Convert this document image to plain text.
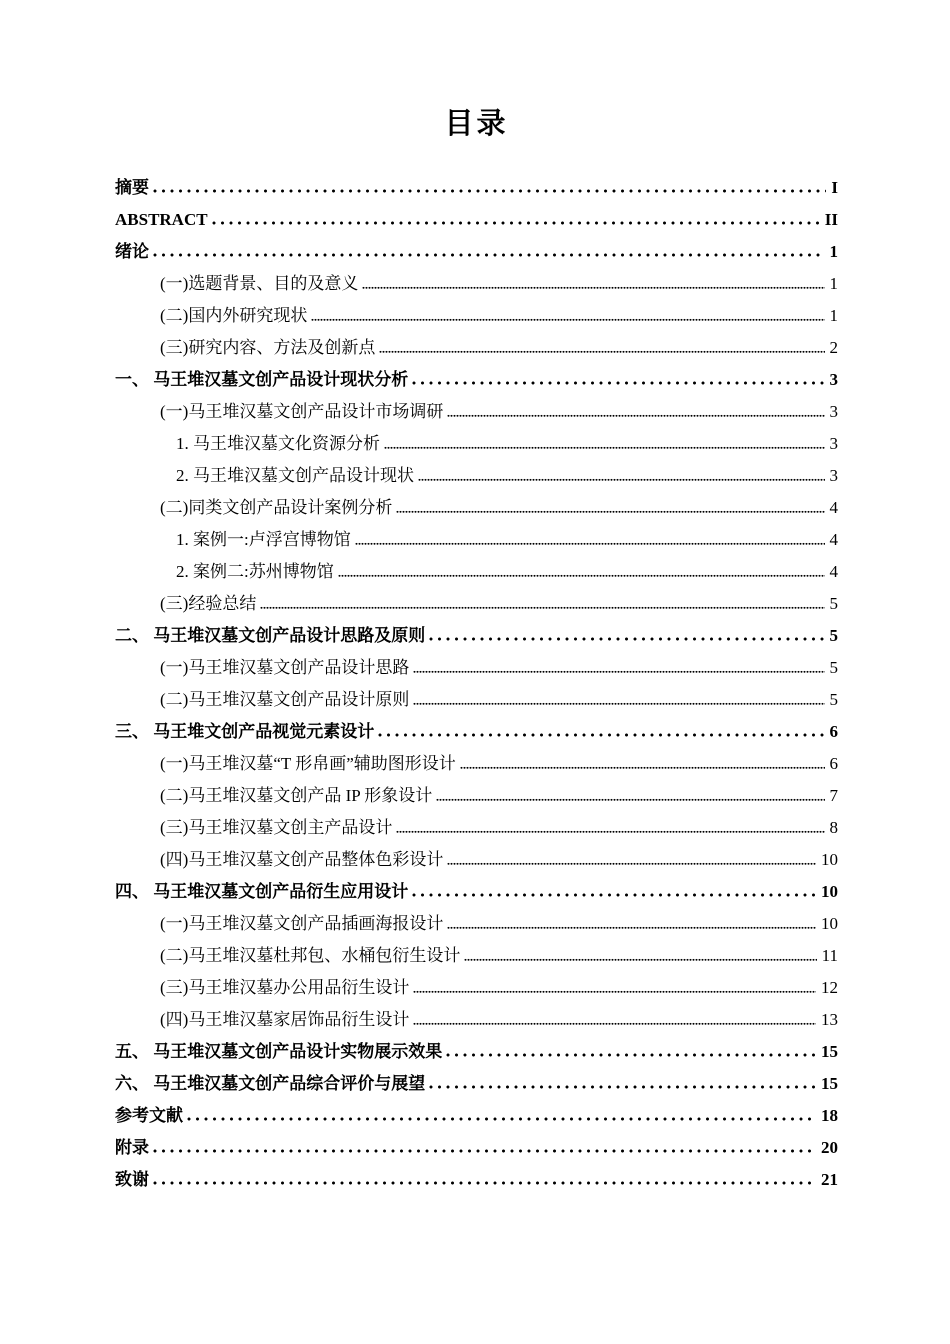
目录
摘要	I
ABSTRACT	II
绪论	1
(一)选题背景、目的及意义	1
(二)国内外研究现状	1
(三)研究内容、方法及创新点	2
一、 马王堆汉墓文创产品设计现状分析	3
(一)马王堆汉墓文创产品设计市场调研	3
1. 马王堆汉墓文化资源分析	3
2. 马王堆汉墓文创产品设计现状	3
(二)同类文创产品设计案例分析	4
1. 案例一:卢浮宫博物馆	4
2. 案例二:苏州博物馆	4
(三)经验总结	5
二、 马王堆汉墓文创产品设计思路及原则	5
(一)马王堆汉墓文创产品设计思路	5
(二)马王堆汉墓文创产品设计原则	5
三、 马王堆文创产品视觉元素设计	6
(一)马王堆汉墓“T 形帛画”辅助图形设计	6
(二)马王堆汉墓文创产品 IP 形象设计	7
(三)马王堆汉墓文创主产品设计	8
(四)马王堆汉墓文创产品整体色彩设计	10
四、 马王堆汉墓文创产品衍生应用设计	10
(一)马王堆汉墓文创产品插画海报设计	10
(二)马王堆汉墓杜邦包、水桶包衍生设计	11
(三)马王堆汉墓办公用品衍生设计	12
(四)马王堆汉墓家居饰品衍生设计	13
五、 马王堆汉墓文创产品设计实物展示效果	15
六、 马王堆汉墓文创产品综合评价与展望	15
参考文献	18
附录	20
致谢	21
